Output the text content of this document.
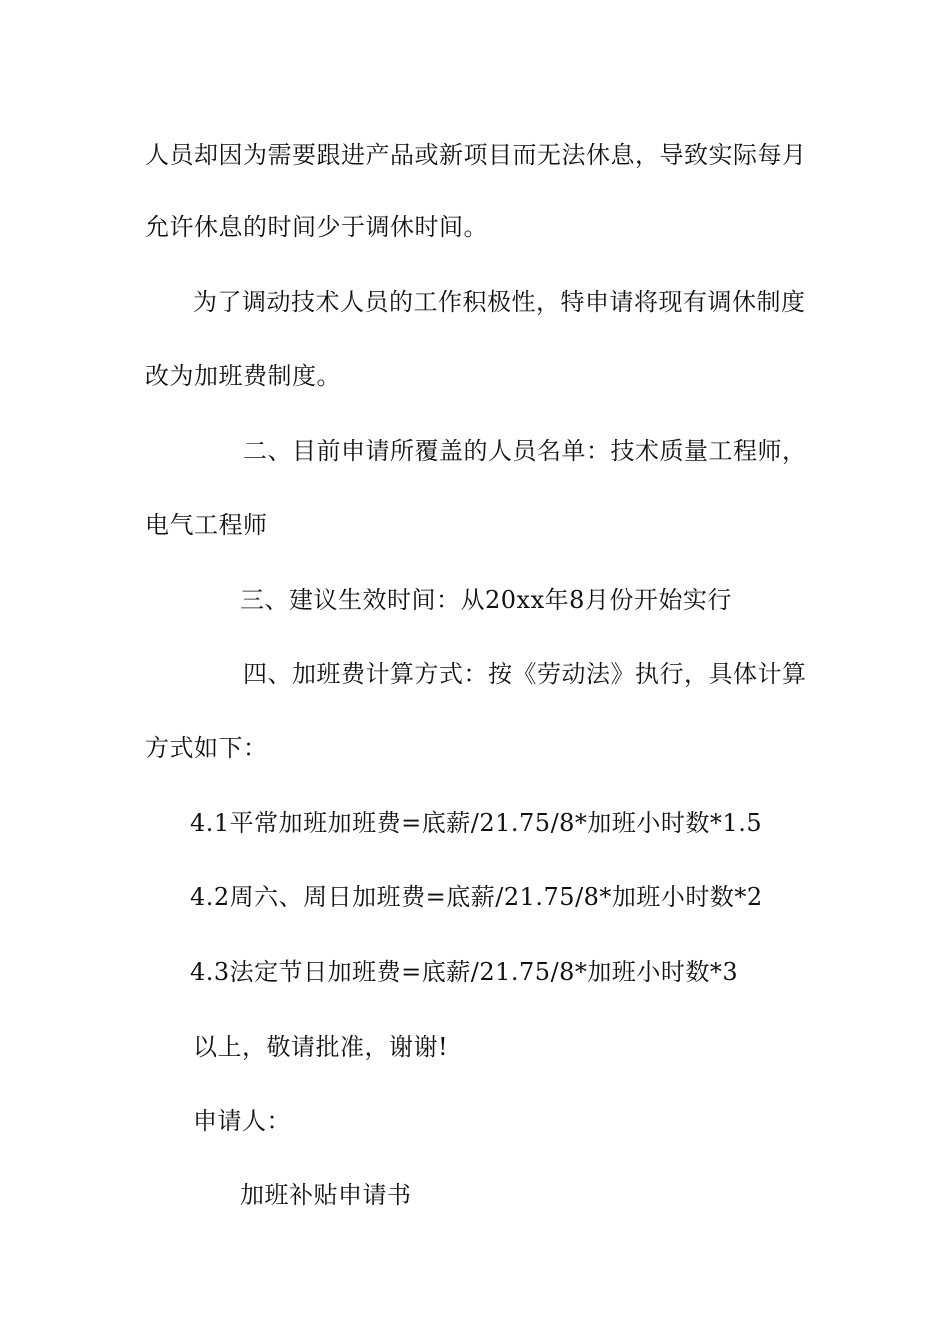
人员却因为需要跟进产品或新项目而无法休息，导致实际每月
允许休息的时间少于调休时间。
为了调动技术人员的工作积极性，特申请将现有调休制度
改为加班费制度。
二、目前申请所覆盖的人员名单：技术质量工程师，
电气工程师
三、建议生效时间：从20xx年8月份开始实行
四、加班费计算方式：按《劳动法》执行，具体计算
方式如下：
4.1平常加班加班费=底薪/21.75/8*加班小时数*1.5
4.2周六、周日加班费=底薪/21.75/8*加班小时数*2
4.3法定节日加班费=底薪/21.75/8*加班小时数*3
以上，敬请批准，谢谢!
申请人：
加班补贴申请书
